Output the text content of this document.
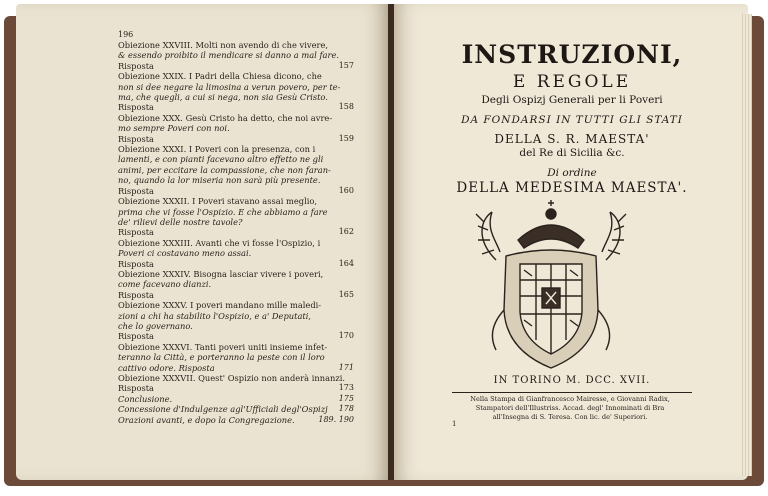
196
Obiezione XXVIII. Molti non avendo di che vivere,
& essendo proibito il mendicare si danno a mal fare.
Risposta	157
Obiezione XXIX. I Padri della Chiesa dicono, che
non si dee negare la limosina a verun povero, per te-
ma, che quegli, a cui si nega, non sia Gesù Cristo.
Risposta	158
Obiezione XXX. Gesù Cristo ha detto, che noi avre-
mo sempre Poveri con noi.
Risposta	159
Obiezione XXXI. I Poveri con la presenza, con i
lamenti, e con pianti facevano altro effetto ne gli
animi, per eccitare la compassione, che non faran-
no, quando la lor miseria non sarà più presente.
Risposta	160
Obiezione XXXII. I Poveri stavano assai meglio,
prima che vi fosse l'Ospizio. E che abbiamo a fare
de' rilievi delle nostre tavole?
Risposta	162
Obiezione XXXIII. Avanti che vi fosse l'Ospizio, i
Poveri ci costavano meno assai.
Risposta	164
Obiezione XXXIV. Bisogna lasciar vivere i poveri,
come facevano dianzi.
Risposta	165
Obiezione XXXV. I poveri mandano mille maledi-
zioni a chi ha stabilito l'Ospizio, e a' Deputati,
che lo governano.
Risposta	170
Obiezione XXXVI. Tanti poveri uniti insieme infet-
teranno la Città, e porteranno la peste con il loro
cattivo odore. Risposta	171
Obiezione XXXVII. Quest' Ospizio non anderà innanzi.
Risposta	173
Conclusione.	175
Concessione d'Indulgenze agl'Ufficiali degl'Ospizj 178
Orazioni avanti, e dopo la Congregazione.	189. 190
INSTRUZIONI,
E REGOLE
Degli Ospizj Generali per li Poveri
DA FONDARSI IN TUTTI GLI STATI
DELLA S. R. MAESTA'
del Re di Sicilia &c.
Di ordine
DELLA MEDESIMA MAESTA'.
IN TORINO M. DCC. XVII.
Nella Stampa di Gianfrancesco Mairesse, e Giovanni Radix,
Stampatori dell'Illustriss. Accad. degl' Innominati di Bra
all'Insegna di S. Teresa. Con lic. de' Superiori.
1
